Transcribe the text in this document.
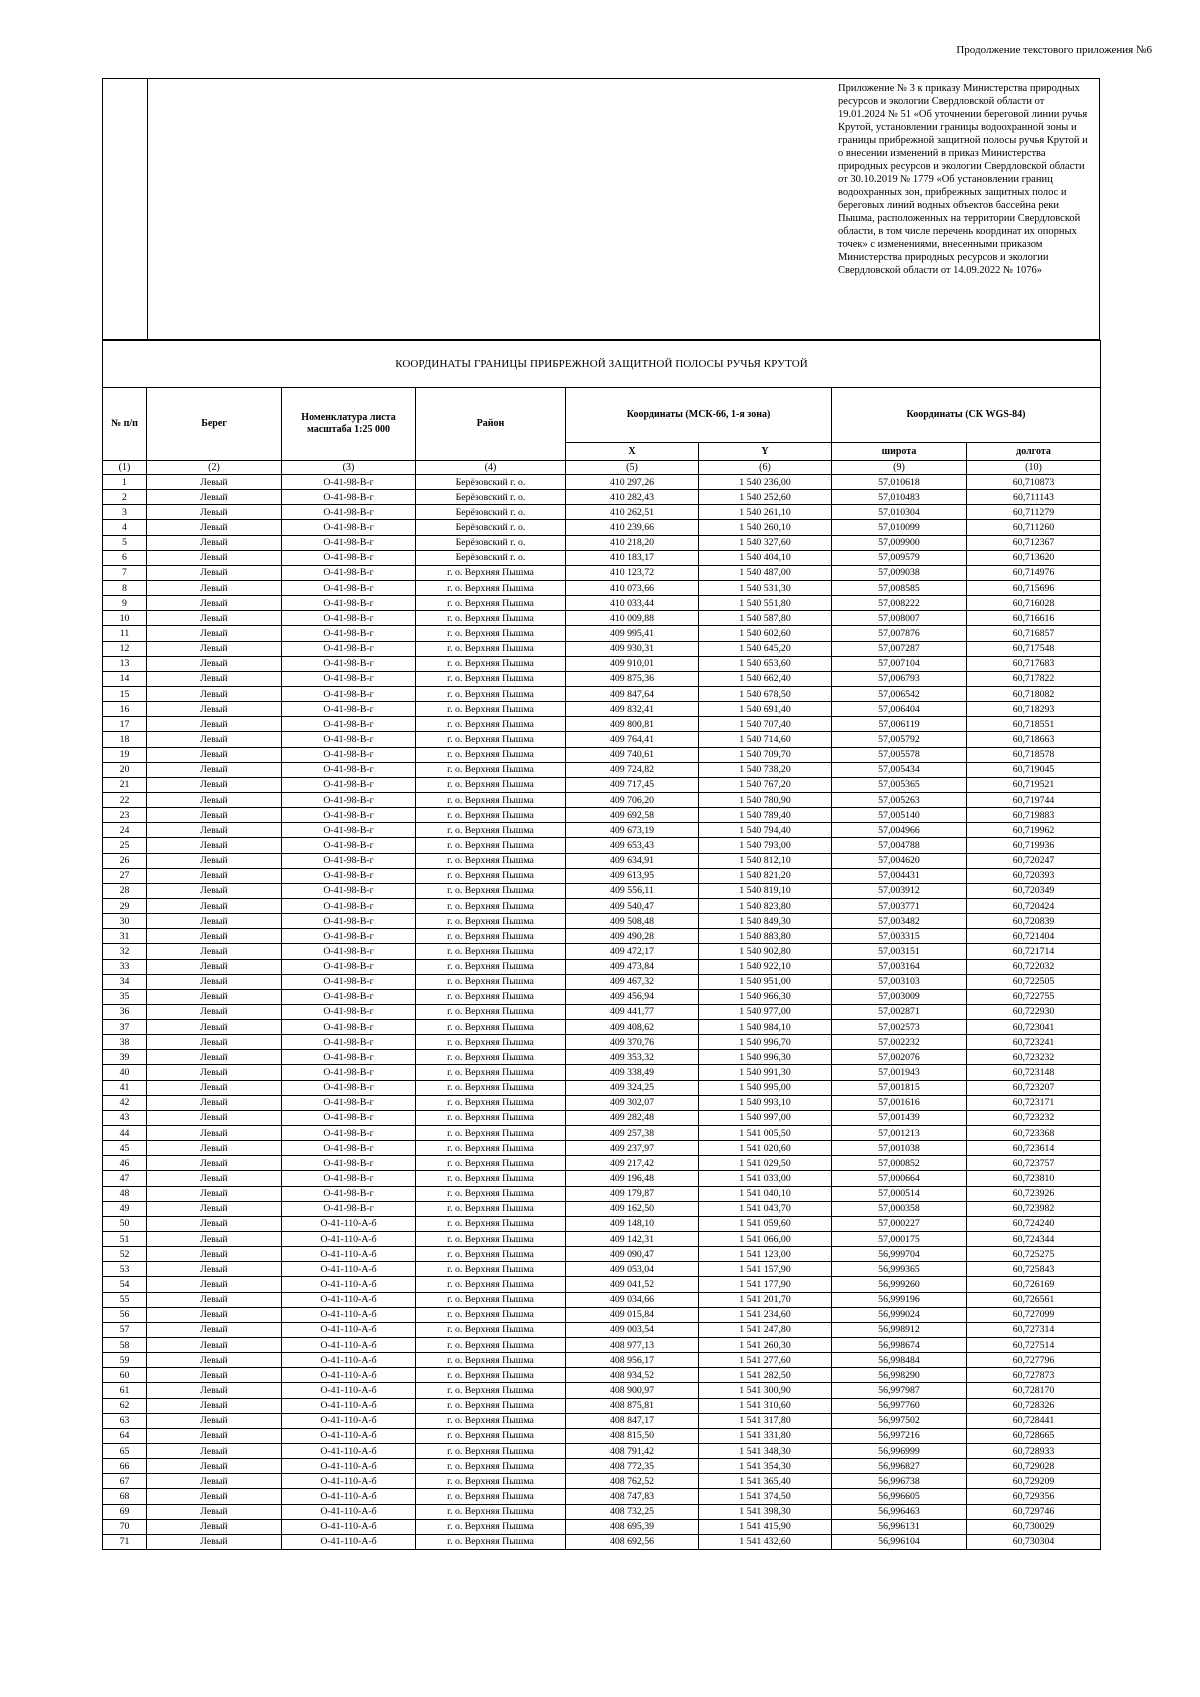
Продолжение текстового приложения №6
Приложение № 3 к приказу Министерства природных ресурсов и экологии Свердловской области от 19.01.2024 № 51 «Об уточнении береговой линии ручья Крутой, установлении границы водоохранной зоны и границы прибрежной защитной полосы ручья Крутой и о внесении изменений в приказ Министерства природных ресурсов и экологии Свердловской области от 30.10.2019 № 1779 «Об установлении границ водоохранных зон, прибрежных защитных полос и береговых линий водных объектов бассейна реки Пышма, расположенных на территории Свердловской области, в том числе перечень координат их опорных точек» с изменениями, внесенными приказом Министерства природных ресурсов и экологии Свердловской области от 14.09.2022 № 1076»
КООРДИНАТЫ ГРАНИЦЫ ПРИБРЕЖНОЙ ЗАЩИТНОЙ ПОЛОСЫ РУЧЬЯ КРУТОЙ							
№ п/п	Берег	Номенклатура листа масштаба 1:25 000	Район	Координаты (МСК-66, 1-я зона)		Координаты (СК WGS-84)	
				X	Y	широта	долгота
(1)	(2)	(3)	(4)	(5)	(6)	(9)	(10)
1	Левый	О-41-98-В-г	Берёзовский г. о.	410 297,26	1 540 236,00	57,010618	60,710873
2	Левый	О-41-98-В-г	Берёзовский г. о.	410 282,43	1 540 252,60	57,010483	60,711143
3	Левый	О-41-98-В-г	Берёзовский г. о.	410 262,51	1 540 261,10	57,010304	60,711279
4	Левый	О-41-98-В-г	Берёзовский г. о.	410 239,66	1 540 260,10	57,010099	60,711260
5	Левый	О-41-98-В-г	Берёзовский г. о.	410 218,20	1 540 327,60	57,009900	60,712367
6	Левый	О-41-98-В-г	Берёзовский г. о.	410 183,17	1 540 404,10	57,009579	60,713620
7	Левый	О-41-98-В-г	г. о. Верхняя Пышма	410 123,72	1 540 487,00	57,009038	60,714976
8	Левый	О-41-98-В-г	г. о. Верхняя Пышма	410 073,66	1 540 531,30	57,008585	60,715696
9	Левый	О-41-98-В-г	г. о. Верхняя Пышма	410 033,44	1 540 551,80	57,008222	60,716028
10	Левый	О-41-98-В-г	г. о. Верхняя Пышма	410 009,88	1 540 587,80	57,008007	60,716616
11	Левый	О-41-98-В-г	г. о. Верхняя Пышма	409 995,41	1 540 602,60	57,007876	60,716857
12	Левый	О-41-98-В-г	г. о. Верхняя Пышма	409 930,31	1 540 645,20	57,007287	60,717548
13	Левый	О-41-98-В-г	г. о. Верхняя Пышма	409 910,01	1 540 653,60	57,007104	60,717683
14	Левый	О-41-98-В-г	г. о. Верхняя Пышма	409 875,36	1 540 662,40	57,006793	60,717822
15	Левый	О-41-98-В-г	г. о. Верхняя Пышма	409 847,64	1 540 678,50	57,006542	60,718082
16	Левый	О-41-98-В-г	г. о. Верхняя Пышма	409 832,41	1 540 691,40	57,006404	60,718293
17	Левый	О-41-98-В-г	г. о. Верхняя Пышма	409 800,81	1 540 707,40	57,006119	60,718551
18	Левый	О-41-98-В-г	г. о. Верхняя Пышма	409 764,41	1 540 714,60	57,005792	60,718663
19	Левый	О-41-98-В-г	г. о. Верхняя Пышма	409 740,61	1 540 709,70	57,005578	60,718578
20	Левый	О-41-98-В-г	г. о. Верхняя Пышма	409 724,82	1 540 738,20	57,005434	60,719045
21	Левый	О-41-98-В-г	г. о. Верхняя Пышма	409 717,45	1 540 767,20	57,005365	60,719521
22	Левый	О-41-98-В-г	г. о. Верхняя Пышма	409 706,20	1 540 780,90	57,005263	60,719744
23	Левый	О-41-98-В-г	г. о. Верхняя Пышма	409 692,58	1 540 789,40	57,005140	60,719883
24	Левый	О-41-98-В-г	г. о. Верхняя Пышма	409 673,19	1 540 794,40	57,004966	60,719962
25	Левый	О-41-98-В-г	г. о. Верхняя Пышма	409 653,43	1 540 793,00	57,004788	60,719936
26	Левый	О-41-98-В-г	г. о. Верхняя Пышма	409 634,91	1 540 812,10	57,004620	60,720247
27	Левый	О-41-98-В-г	г. о. Верхняя Пышма	409 613,95	1 540 821,20	57,004431	60,720393
28	Левый	О-41-98-В-г	г. о. Верхняя Пышма	409 556,11	1 540 819,10	57,003912	60,720349
29	Левый	О-41-98-В-г	г. о. Верхняя Пышма	409 540,47	1 540 823,80	57,003771	60,720424
30	Левый	О-41-98-В-г	г. о. Верхняя Пышма	409 508,48	1 540 849,30	57,003482	60,720839
31	Левый	О-41-98-В-г	г. о. Верхняя Пышма	409 490,28	1 540 883,80	57,003315	60,721404
32	Левый	О-41-98-В-г	г. о. Верхняя Пышма	409 472,17	1 540 902,80	57,003151	60,721714
33	Левый	О-41-98-В-г	г. о. Верхняя Пышма	409 473,84	1 540 922,10	57,003164	60,722032
34	Левый	О-41-98-В-г	г. о. Верхняя Пышма	409 467,32	1 540 951,00	57,003103	60,722505
35	Левый	О-41-98-В-г	г. о. Верхняя Пышма	409 456,94	1 540 966,30	57,003009	60,722755
36	Левый	О-41-98-В-г	г. о. Верхняя Пышма	409 441,77	1 540 977,00	57,002871	60,722930
37	Левый	О-41-98-В-г	г. о. Верхняя Пышма	409 408,62	1 540 984,10	57,002573	60,723041
38	Левый	О-41-98-В-г	г. о. Верхняя Пышма	409 370,76	1 540 996,70	57,002232	60,723241
39	Левый	О-41-98-В-г	г. о. Верхняя Пышма	409 353,32	1 540 996,30	57,002076	60,723232
40	Левый	О-41-98-В-г	г. о. Верхняя Пышма	409 338,49	1 540 991,30	57,001943	60,723148
41	Левый	О-41-98-В-г	г. о. Верхняя Пышма	409 324,25	1 540 995,00	57,001815	60,723207
42	Левый	О-41-98-В-г	г. о. Верхняя Пышма	409 302,07	1 540 993,10	57,001616	60,723171
43	Левый	О-41-98-В-г	г. о. Верхняя Пышма	409 282,48	1 540 997,00	57,001439	60,723232
44	Левый	О-41-98-В-г	г. о. Верхняя Пышма	409 257,38	1 541 005,50	57,001213	60,723368
45	Левый	О-41-98-В-г	г. о. Верхняя Пышма	409 237,97	1 541 020,60	57,001038	60,723614
46	Левый	О-41-98-В-г	г. о. Верхняя Пышма	409 217,42	1 541 029,50	57,000852	60,723757
47	Левый	О-41-98-В-г	г. о. Верхняя Пышма	409 196,48	1 541 033,00	57,000664	60,723810
48	Левый	О-41-98-В-г	г. о. Верхняя Пышма	409 179,87	1 541 040,10	57,000514	60,723926
49	Левый	О-41-98-В-г	г. о. Верхняя Пышма	409 162,50	1 541 043,70	57,000358	60,723982
50	Левый	О-41-110-А-б	г. о. Верхняя Пышма	409 148,10	1 541 059,60	57,000227	60,724240
51	Левый	О-41-110-А-б	г. о. Верхняя Пышма	409 142,31	1 541 066,00	57,000175	60,724344
52	Левый	О-41-110-А-б	г. о. Верхняя Пышма	409 090,47	1 541 123,00	56,999704	60,725275
53	Левый	О-41-110-А-б	г. о. Верхняя Пышма	409 053,04	1 541 157,90	56,999365	60,725843
54	Левый	О-41-110-А-б	г. о. Верхняя Пышма	409 041,52	1 541 177,90	56,999260	60,726169
55	Левый	О-41-110-А-б	г. о. Верхняя Пышма	409 034,66	1 541 201,70	56,999196	60,726561
56	Левый	О-41-110-А-б	г. о. Верхняя Пышма	409 015,84	1 541 234,60	56,999024	60,727099
57	Левый	О-41-110-А-б	г. о. Верхняя Пышма	409 003,54	1 541 247,80	56,998912	60,727314
58	Левый	О-41-110-А-б	г. о. Верхняя Пышма	408 977,13	1 541 260,30	56,998674	60,727514
59	Левый	О-41-110-А-б	г. о. Верхняя Пышма	408 956,17	1 541 277,60	56,998484	60,727796
60	Левый	О-41-110-А-б	г. о. Верхняя Пышма	408 934,52	1 541 282,50	56,998290	60,727873
61	Левый	О-41-110-А-б	г. о. Верхняя Пышма	408 900,97	1 541 300,90	56,997987	60,728170
62	Левый	О-41-110-А-б	г. о. Верхняя Пышма	408 875,81	1 541 310,60	56,997760	60,728326
63	Левый	О-41-110-А-б	г. о. Верхняя Пышма	408 847,17	1 541 317,80	56,997502	60,728441
64	Левый	О-41-110-А-б	г. о. Верхняя Пышма	408 815,50	1 541 331,80	56,997216	60,728665
65	Левый	О-41-110-А-б	г. о. Верхняя Пышма	408 791,42	1 541 348,30	56,996999	60,728933
66	Левый	О-41-110-А-б	г. о. Верхняя Пышма	408 772,35	1 541 354,30	56,996827	60,729028
67	Левый	О-41-110-А-б	г. о. Верхняя Пышма	408 762,52	1 541 365,40	56,996738	60,729209
68	Левый	О-41-110-А-б	г. о. Верхняя Пышма	408 747,83	1 541 374,50	56,996605	60,729356
69	Левый	О-41-110-А-б	г. о. Верхняя Пышма	408 732,25	1 541 398,30	56,996463	60,729746
70	Левый	О-41-110-А-б	г. о. Верхняя Пышма	408 695,39	1 541 415,90	56,996131	60,730029
71	Левый	О-41-110-А-б	г. о. Верхняя Пышма	408 692,56	1 541 432,60	56,996104	60,730304
